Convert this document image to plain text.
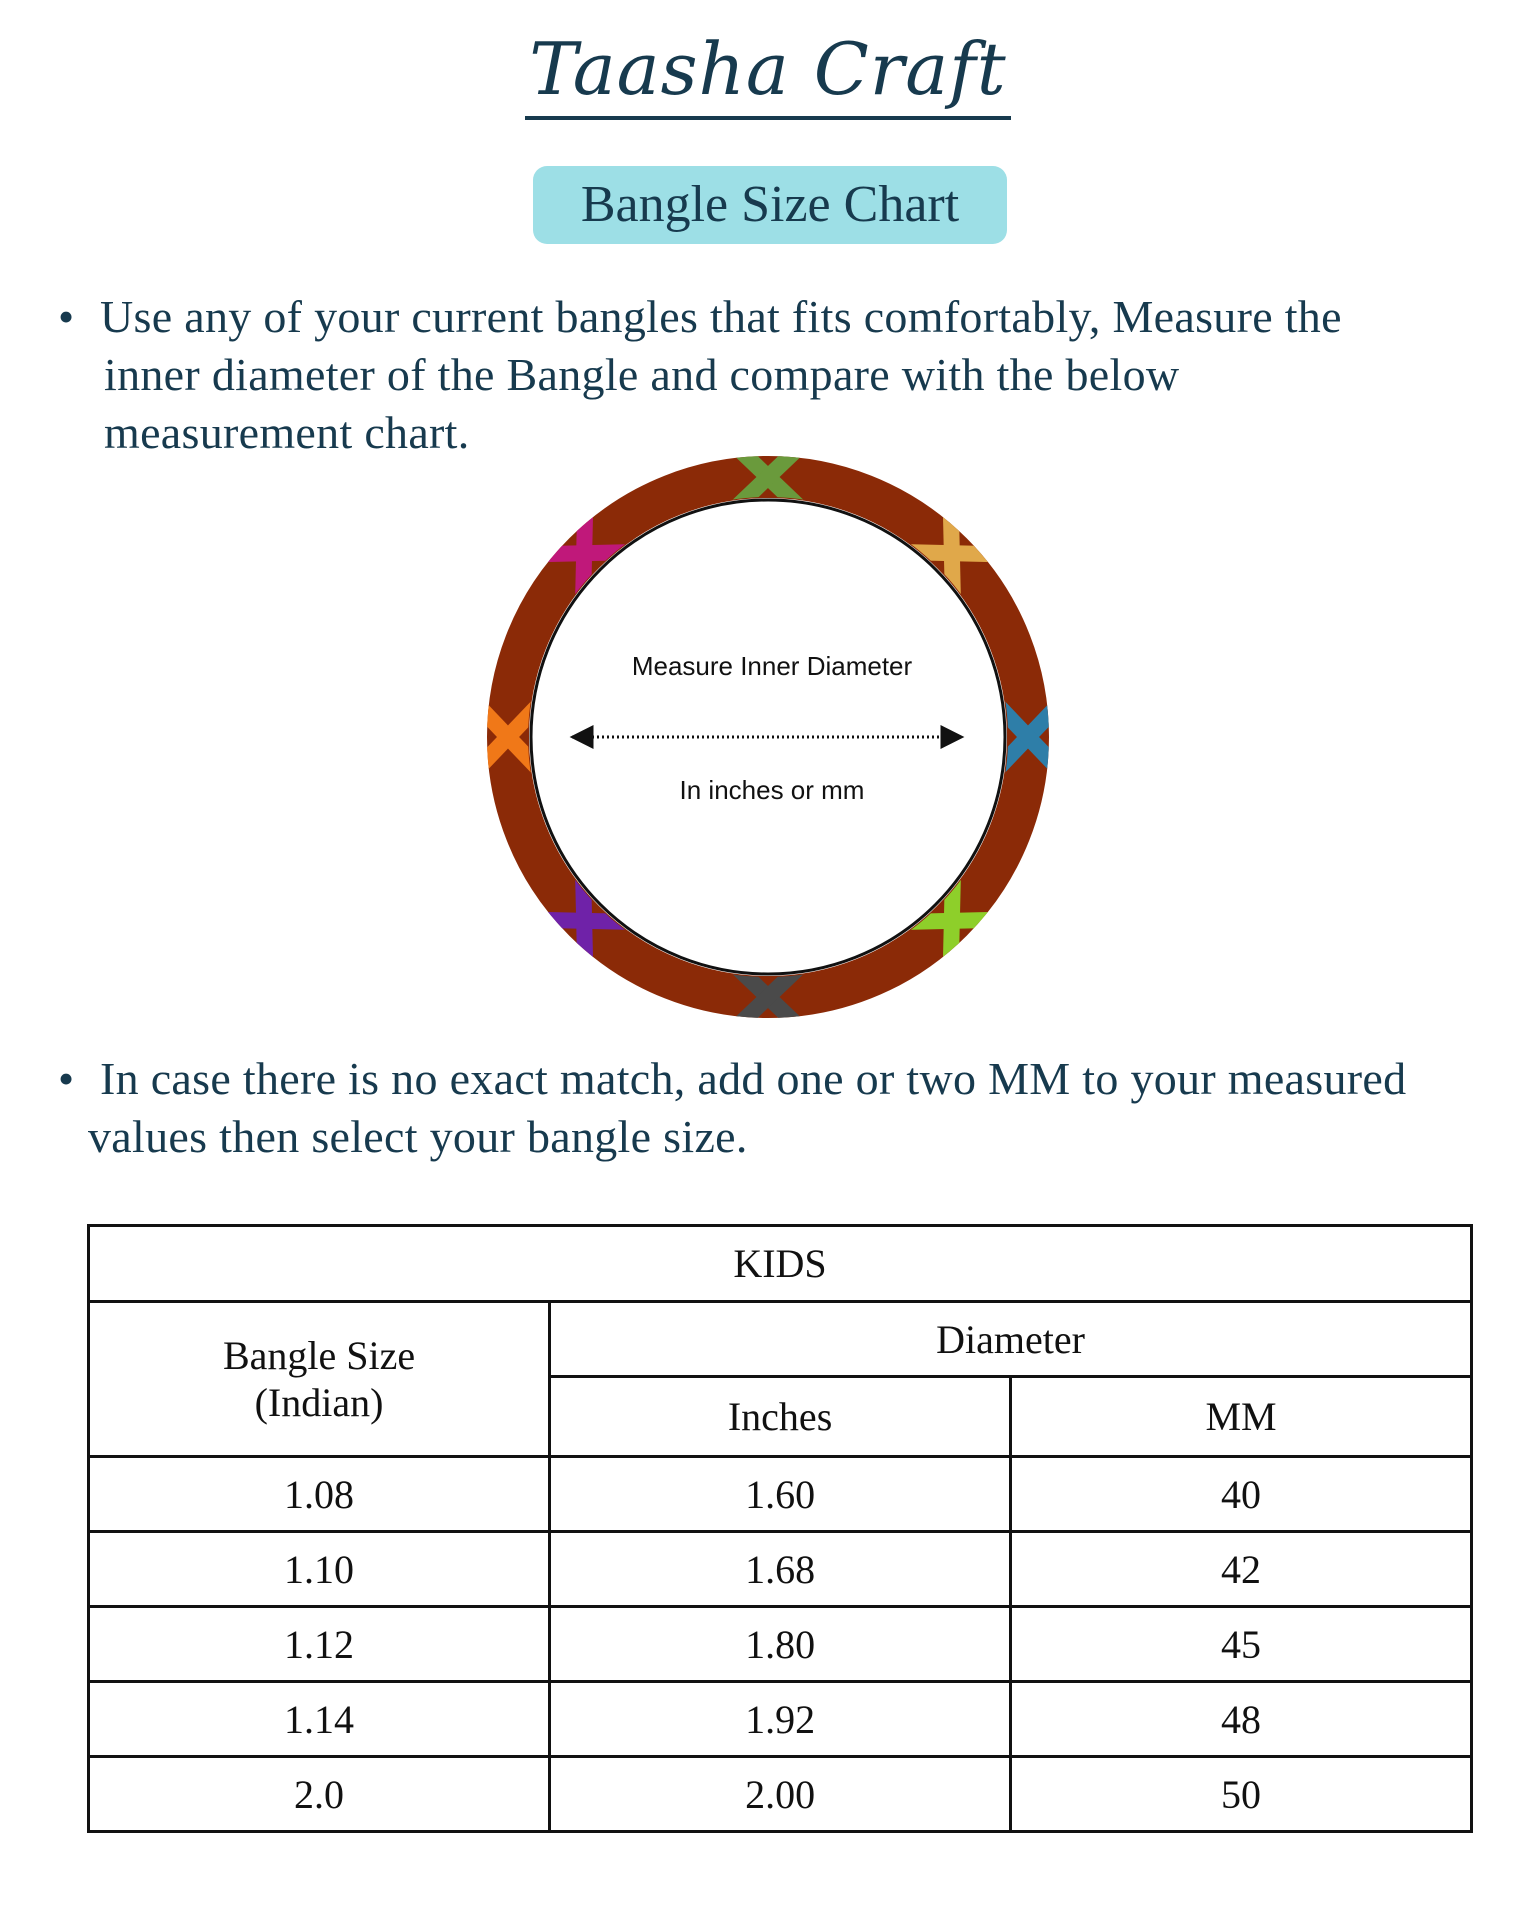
Taasha Craft
Bangle Size Chart
• Use any of your current bangles that fits comfortably, Measure the
inner diameter of the Bangle and compare with the below
measurement chart.
Measure Inner Diameter
In inches or mm
• In case there is no exact match, add one or two MM to your measured
values then select your bangle size.
KIDS		
Bangle Size
(Indian)	Diameter	
	Inches	MM
1.08	1.60	40
1.10	1.68	42
1.12	1.80	45
1.14	1.92	48
2.0	2.00	50
